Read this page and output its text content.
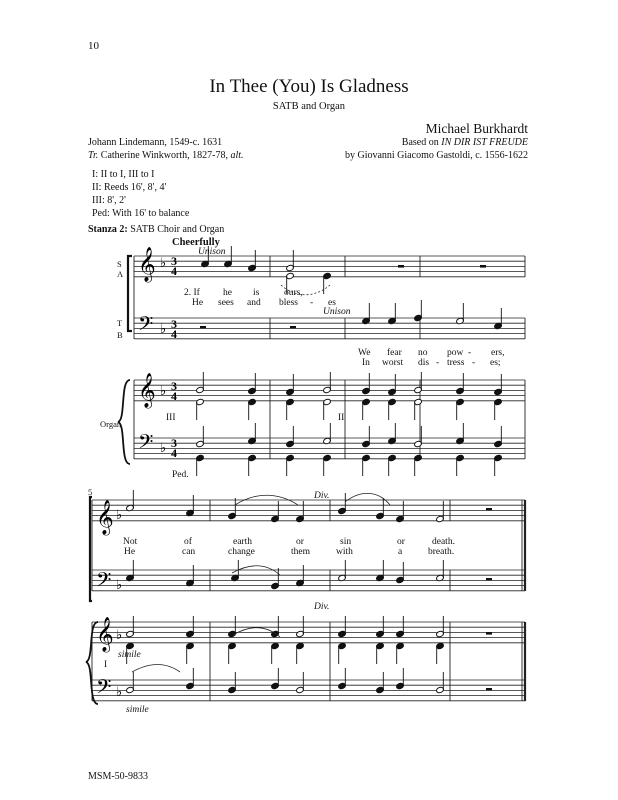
10
In Thee (You) Is Gladness
SATB and Organ
Johann Lindemann, 1549-c. 1631
Tr. Catherine Winkworth, 1827-78, alt.
Michael Burkhardt
Based on IN DIR IST FREUDE
by Giovanni Giacomo Gastoldi, c. 1556-1622
I: II to I, III to I
II: Reeds 16', 8', 4'
III: 8', 2'
Ped: With 16' to balance
Stanza 2: SATB Choir and Organ
Cheerfully
𝄞
𝄢
𝄞
𝄢
♭
♭
♭
♭
3
4
3
4
3
4
3
4
𝄞
𝄢
𝄞
𝄢
♭
♭
♭
♭
S
A
T
B
Organ
Ped.
Unison
Unison
Div.
Div.
simile
simile
III	II
I
5
2. If he is	ours,
He sees and bless - es
We fear no pow - ers,
In worst dis - tress - es;
Not	of	earth	or	sin	or	death.
He	can	change	them	with	a	breath.
MSM-50-9833
